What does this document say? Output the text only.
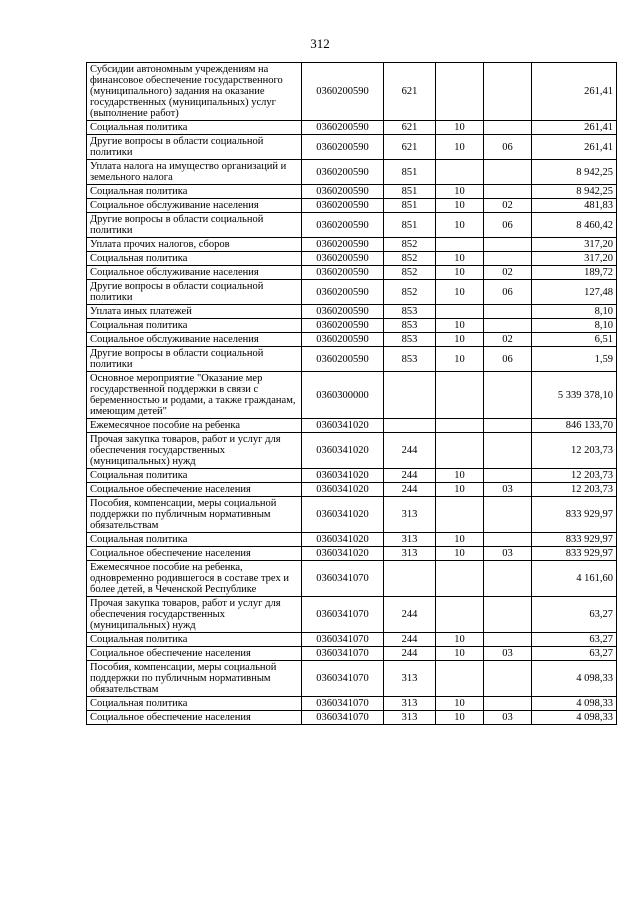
312
Субсидии автономным учреждениям на финансовое обеспечение государственного (муниципального) задания на оказание государственных (муниципальных) услуг (выполнение работ)	0360200590	621			261,41
Социальная политика	0360200590	621	10		261,41
Другие вопросы в области социальной политики	0360200590	621	10	06	261,41
Уплата налога на имущество организаций и земельного налога	0360200590	851			8 942,25
Социальная политика	0360200590	851	10		8 942,25
Социальное обслуживание населения	0360200590	851	10	02	481,83
Другие вопросы в области социальной политики	0360200590	851	10	06	8 460,42
Уплата прочих налогов, сборов	0360200590	852			317,20
Социальная политика	0360200590	852	10		317,20
Социальное обслуживание населения	0360200590	852	10	02	189,72
Другие вопросы в области социальной политики	0360200590	852	10	06	127,48
Уплата иных платежей	0360200590	853			8,10
Социальная политика	0360200590	853	10		8,10
Социальное обслуживание населения	0360200590	853	10	02	6,51
Другие вопросы в области социальной политики	0360200590	853	10	06	1,59
Основное мероприятие "Оказание мер государственной поддержки в связи с беременностью и родами, а также гражданам, имеющим детей"	0360300000				5 339 378,10
Ежемесячное пособие на ребенка	0360341020				846 133,70
Прочая закупка товаров, работ и услуг для обеспечения государственных (муниципальных) нужд	0360341020	244			12 203,73
Социальная политика	0360341020	244	10		12 203,73
Социальное обеспечение населения	0360341020	244	10	03	12 203,73
Пособия, компенсации, меры социальной поддержки по публичным нормативным обязательствам	0360341020	313			833 929,97
Социальная политика	0360341020	313	10		833 929,97
Социальное обеспечение населения	0360341020	313	10	03	833 929,97
Ежемесячное пособие на ребенка, одновременно родившегося в составе трех и более детей, в Чеченской Республике	0360341070				4 161,60
Прочая закупка товаров, работ и услуг для обеспечения государственных (муниципальных) нужд	0360341070	244			63,27
Социальная политика	0360341070	244	10		63,27
Социальное обеспечение населения	0360341070	244	10	03	63,27
Пособия, компенсации, меры социальной поддержки по публичным нормативным обязательствам	0360341070	313			4 098,33
Социальная политика	0360341070	313	10		4 098,33
Социальное обеспечение населения	0360341070	313	10	03	4 098,33
